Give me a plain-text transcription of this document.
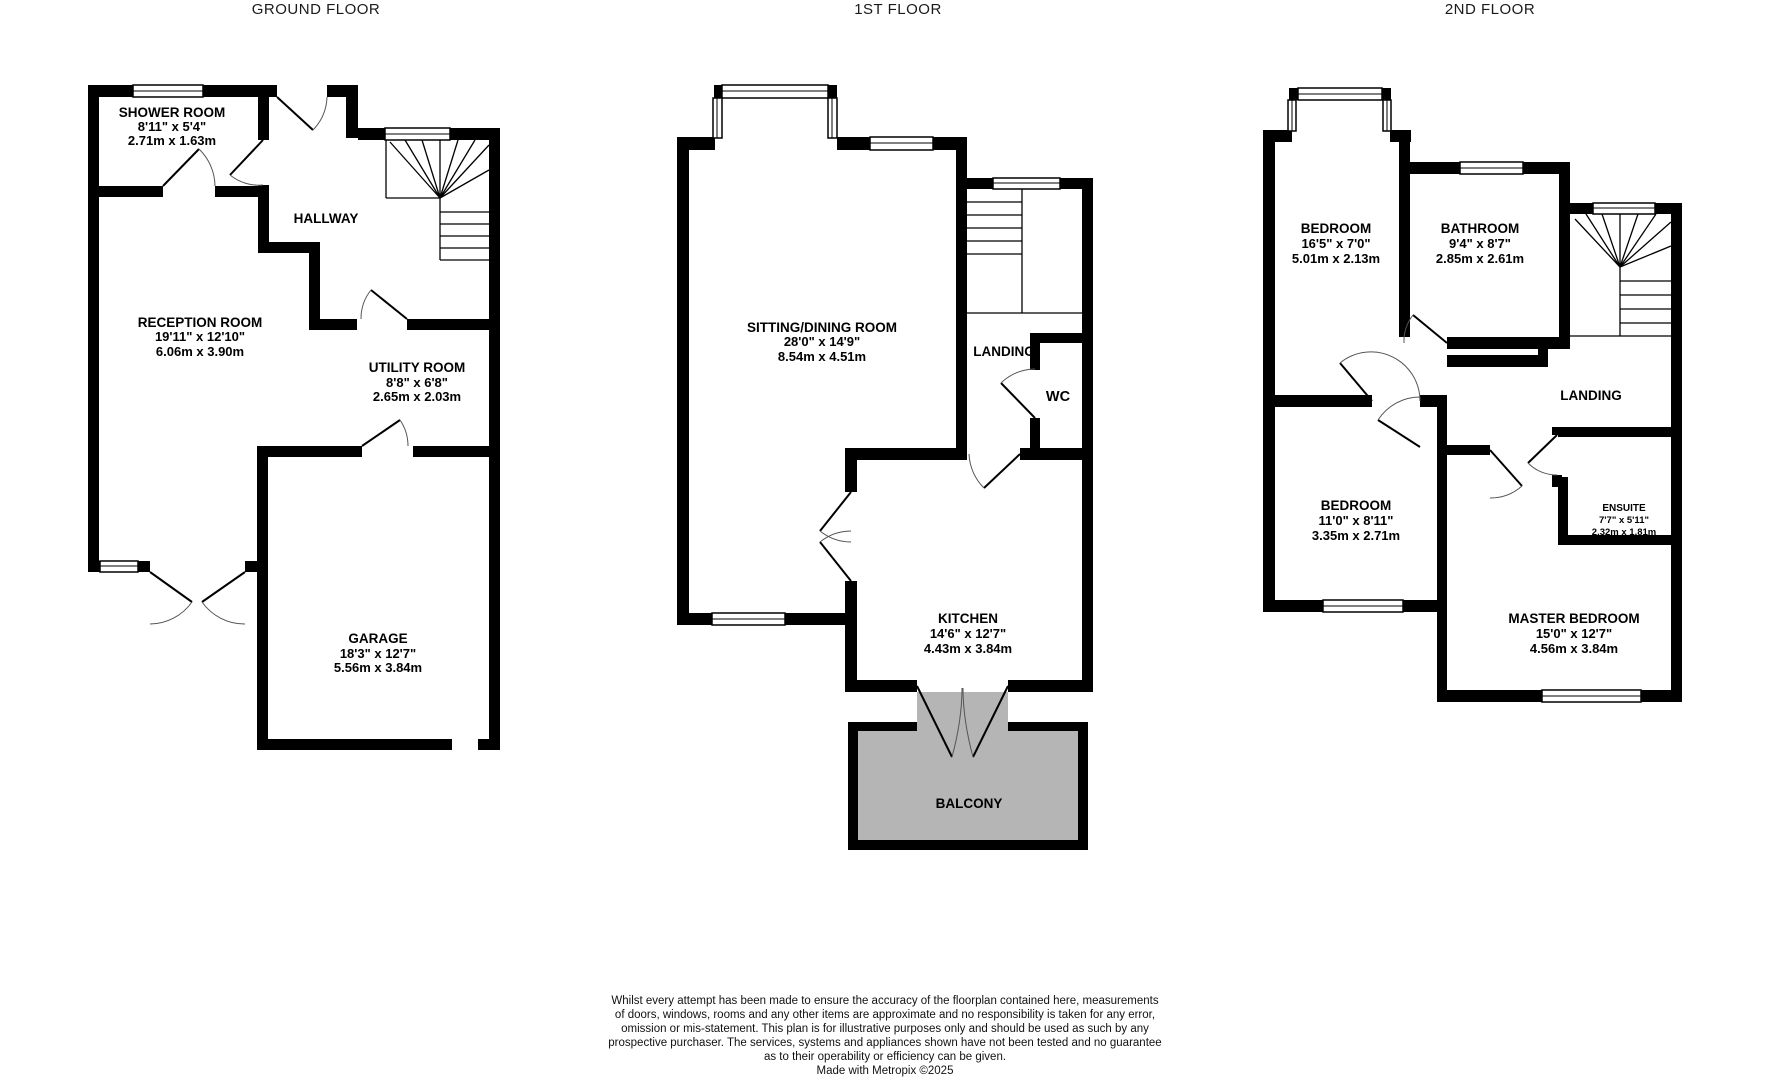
GROUND FLOOR
SHOWER ROOM
8'11" x 5'4"
2.71m x 1.63m
HALLWAY
RECEPTION ROOM
19'11" x 12'10"
6.06m x 3.90m
UTILITY ROOM
8'8" x 6'8"
2.65m x 2.03m
GARAGE
18'3" x 12'7"
5.56m x 3.84m
1ST FLOOR
SITTING/DINING ROOM
28'0" x 14'9"
8.54m x 4.51m	LANDING
WC
KITCHEN
14'6" x 12'7"
4.43m x 3.84m
BALCONY
2ND FLOOR
BEDROOM
16'5" x 7'0"
5.01m x 2.13m
BATHROOM
9'4" x 8'7"
2.85m x 2.61m
LANDING
BEDROOM
11'0" x 8'11"
3.35m x 2.71m
ENSUITE
7'7" x 5'11"
2.32m x 1.81m
MASTER BEDROOM
15'0" x 12'7"
4.56m x 3.84m
Whilst every attempt has been made to ensure the accuracy of the floorplan contained here, measurements
of doors, windows, rooms and any other items are approximate and no responsibility is taken for any error,
omission or mis-statement. This plan is for illustrative purposes only and should be used as such by any
prospective purchaser. The services, systems and appliances shown have not been tested and no guarantee
as to their operability or efficiency can be given.
Made with Metropix ©2025
